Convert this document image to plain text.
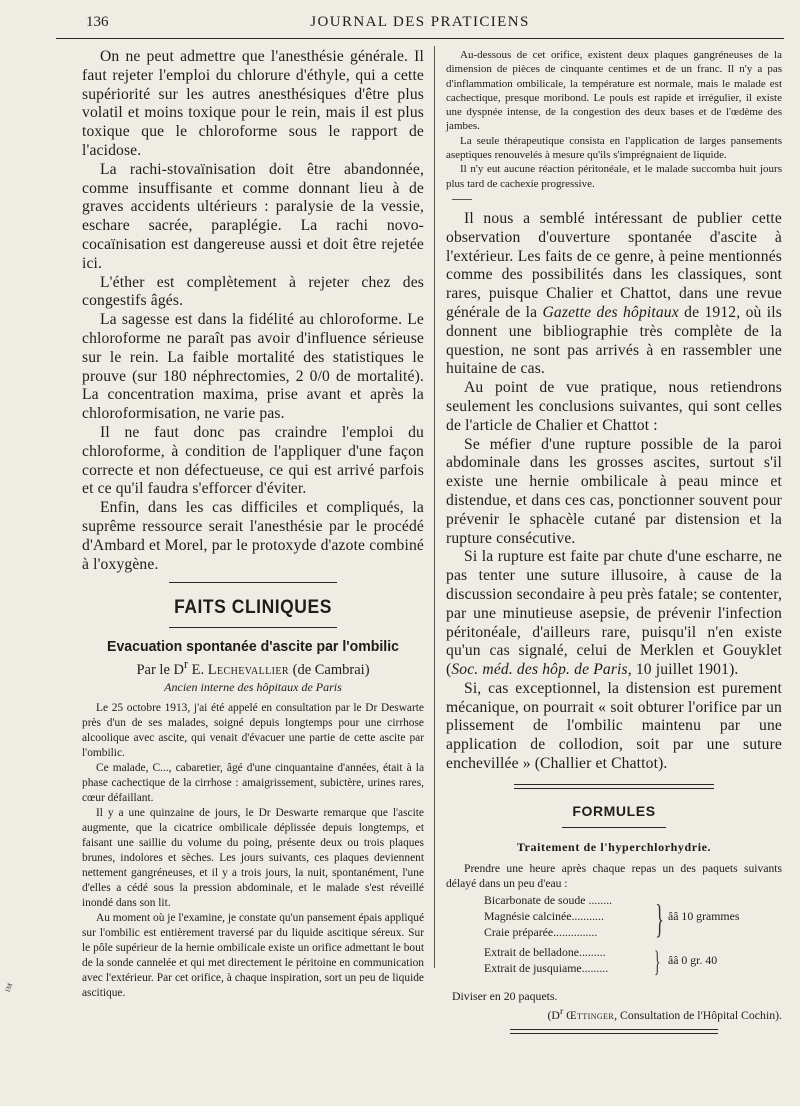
136	JOURNAL DES PRATICIENS

On ne peut admettre que l'anesthésie générale. Il faut rejeter l'emploi du chlorure d'éthyle, qui a cette supériorité sur les autres anesthésiques d'être plus volatil et moins toxique pour le rein, mais il est plus toxique que le chloroforme sous le rapport de l'acidose.

La rachi-stovaïnisation doit être abandonnée, comme insuffisante et comme donnant lieu à de graves accidents ultérieurs : paralysie de la vessie, eschare sacrée, paraplégie. La rachi novo-cocaïnisation est dangereuse aussi et doit être rejetée ici.

L'éther est complètement à rejeter chez des congestifs âgés.

La sagesse est dans la fidélité au chloroforme. Le chloroforme ne paraît pas avoir d'influence sérieuse sur le rein. La faible mortalité des statistiques le prouve (sur 180 néphrectomies, 2 0/0 de mortalité). La concentration maxima, prise avant et après la chloroformisation, ne varie pas.

Il ne faut donc pas craindre l'emploi du chloroforme, à condition de l'appliquer d'une façon correcte et non défectueuse, ce qui est arrivé parfois et ce qu'il faudra s'efforcer d'éviter.

Enfin, dans les cas difficiles et compliqués, la suprême ressource serait l'anesthésie par le procédé d'Ambard et Morel, par le protoxyde d'azote combiné à l'oxygène.

FAITS CLINIQUES
Evacuation spontanée d'ascite par l'ombilic
Par le $D^r$ E. Lechevallier (de Cambrai)
Ancien interne des hôpitaux de Paris

Le 25 octobre 1913, j'ai été appelé en consultation par le Dr Deswarte près d'un de ses malades, soigné depuis longtemps pour une cirrhose alcoolique avec ascite, qui venait d'évacuer une partie de cette ascite par l'ombilic.

Ce malade, C..., cabaretier, âgé d'une cinquantaine d'années, était à la phase cachectique de la cirrhose : amaigrissement, subictère, urines rares, cœur défaillant.

Il y a une quinzaine de jours, le Dr Deswarte remarque que l'ascite augmente, que la cicatrice ombilicale déplissée depuis longtemps, et faisant une saillie du volume du poing, présente deux ou trois plaques brunes, indolores et sèches. Les jours suivants, ces plaques deviennent nettement gangréneuses, et il y a trois jours, la nuit, spontanément, l'une d'elles a cédé sous la pression abdominale, et le malade s'est réveillé inondé dans son lit.

Au moment où je l'examine, je constate qu'un pansement épais appliqué sur l'ombilic est entièrement traversé par du liquide ascitique séreux. Sur le pôle supérieur de la hernie ombilicale existe un orifice admettant le bout de la sonde cannelée et qui met directement le péritoine en communication avec l'extérieur. Par cet orifice, à chaque inspiration, sort un peu de liquide ascitique.

Au-dessous de cet orifice, existent deux plaques gangréneuses de la dimension de pièces de cinquante centimes et de un franc. Il n'y a pas d'inflammation ombilicale, la température est normale, mais le malade est cachectique, presque moribond. Le pouls est rapide et irrégulier, il existe une dyspnée intense, de la congestion des deux bases et de l'œdème des jambes.

La seule thérapeutique consista en l'application de larges pansements aseptiques renouvelés à mesure qu'ils s'imprégnaient de liquide.

Il n'y eut aucune réaction péritonéale, et le malade succomba huit jours plus tard de cachexie progressive.

Il nous a semblé intéressant de publier cette observation d'ouverture spontanée d'ascite à l'extérieur. Les faits de ce genre, à peine mentionnés comme des possibilités dans les classiques, sont rares, puisque Chalier et Chattot, dans une revue générale de la Gazette des hôpitaux de 1912, où ils donnent une bibliographie très complète de la question, ne sont pas arrivés à en rassembler une huitaine de cas.

Au point de vue pratique, nous retiendrons seulement les conclusions suivantes, qui sont celles de l'article de Chalier et Chattot :

Se méfier d'une rupture possible de la paroi abdominale dans les grosses ascites, surtout s'il existe une hernie ombilicale à peau mince et distendue, et dans ces cas, ponctionner souvent pour prévenir le sphacèle cutané par distension et la rupture consécutive.

Si la rupture est faite par chute d'une escharre, ne pas tenter une suture illusoire, à cause de la discussion secondaire à peu près fatale; se contenter, par une minutieuse asepsie, de prévenir l'infection péritonéale, d'ailleurs rare, puisqu'il n'en existe qu'un cas signalé, celui de Merklen et Gouyklet (Soc. méd. des hôp. de Paris, 10 juillet 1901).

Si, cas exceptionnel, la distension est purement mécanique, on pourrait « soit obturer l'orifice par un plissement de l'ombilic maintenu par une application de collodion, soit par une suture enchevillée » (Challier et Chattot).

FORMULES
Traitement de l'hyperchlorhydrie.
Prendre une heure après chaque repas un des paquets suivants délayé dans un peu d'eau :
Bicarbonate de soude ........
Magnésie calcinée...........
Craie préparée............... } ââ 10 grammes
Extrait de belladone.........
Extrait de jusquiame......... } ââ 0 gr. 40
Diviser en 20 paquets.
($D^r$ Œttinger, Consultation de l'Hôpital Cochin).
ɪᴍ
